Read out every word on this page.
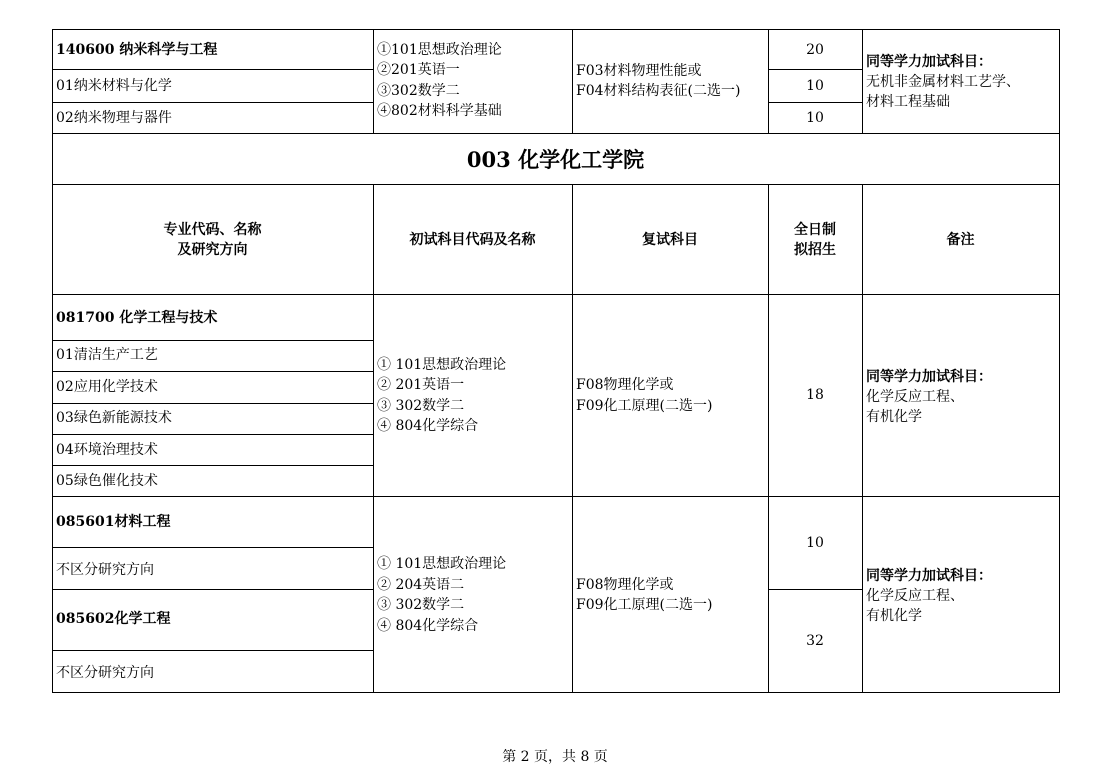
140600 纳米科学与工程
01纳米材料与化学
02纳米物理与器件
①101思想政治理论
②201英语一
③302数学二
④802材料科学基础
F03材料物理性能或
F04材料结构表征(二选一)
20
10
10
同等学力加试科目：
无机非金属材料工艺学、
材料工程基础
003 化学化工学院
专业代码、名称
及研究方向
初试科目代码及名称	复试科目
全日制
拟招生
备注
081700 化学工程与技术
01清洁生产工艺
02应用化学技术
03绿色新能源技术
04环境治理技术
05绿色催化技术
① 101思想政治理论
② 201英语一
③ 302数学二
④ 804化学综合
F08物理化学或
F09化工原理(二选一)
18
同等学力加试科目：
化学反应工程、
有机化学
085601材料工程
不区分研究方向
085602化学工程
不区分研究方向
① 101思想政治理论
② 204英语二
③ 302数学二
④ 804化学综合
F08物理化学或
F09化工原理(二选一)
10
32
同等学力加试科目：
化学反应工程、
有机化学
第 2 页，共 8 页
